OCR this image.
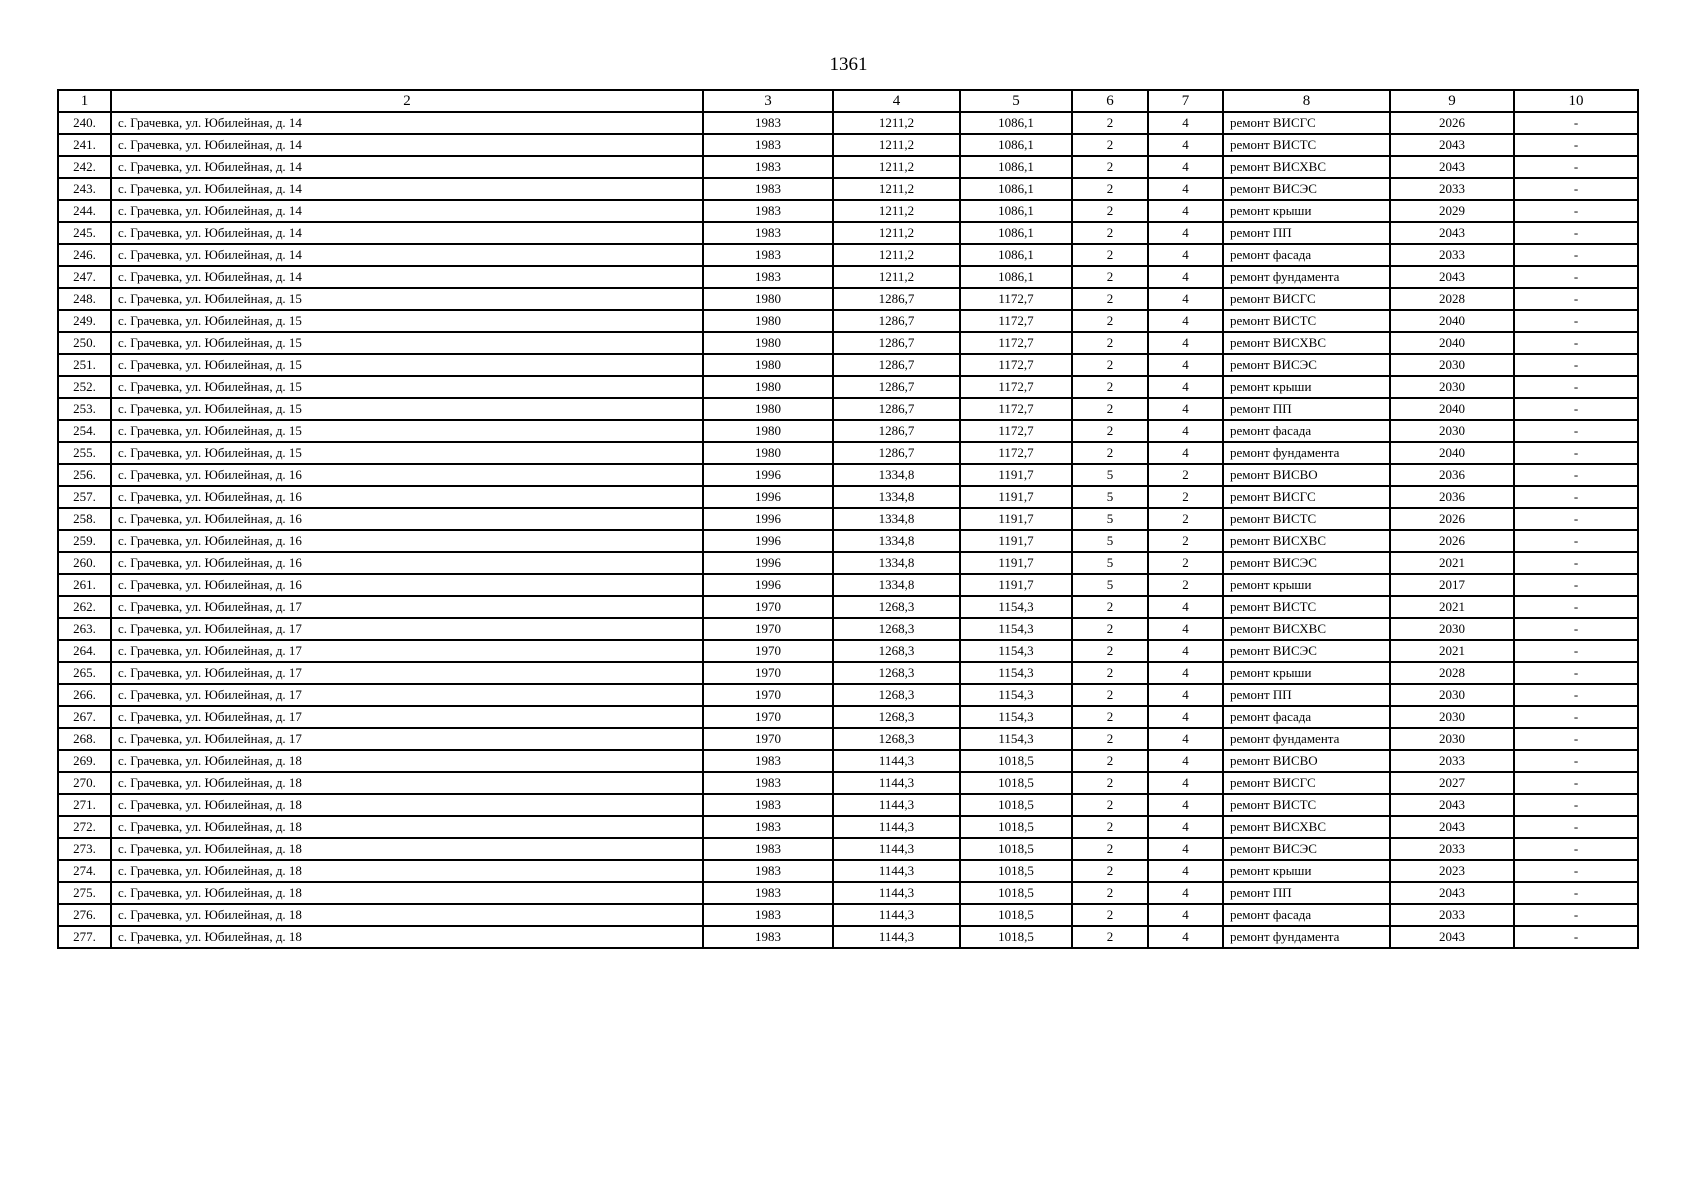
1361
1	2	3	4	5	6	7	8	9	10
240.	с. Грачевка, ул. Юбилейная, д. 14	1983	1211,2	1086,1	2	4	ремонт ВИСГС	2026	-
241.	с. Грачевка, ул. Юбилейная, д. 14	1983	1211,2	1086,1	2	4	ремонт ВИСТС	2043	-
242.	с. Грачевка, ул. Юбилейная, д. 14	1983	1211,2	1086,1	2	4	ремонт ВИСХВС	2043	-
243.	с. Грачевка, ул. Юбилейная, д. 14	1983	1211,2	1086,1	2	4	ремонт ВИСЭС	2033	-
244.	с. Грачевка, ул. Юбилейная, д. 14	1983	1211,2	1086,1	2	4	ремонт крыши	2029	-
245.	с. Грачевка, ул. Юбилейная, д. 14	1983	1211,2	1086,1	2	4	ремонт ПП	2043	-
246.	с. Грачевка, ул. Юбилейная, д. 14	1983	1211,2	1086,1	2	4	ремонт фасада	2033	-
247.	с. Грачевка, ул. Юбилейная, д. 14	1983	1211,2	1086,1	2	4	ремонт фундамента	2043	-
248.	с. Грачевка, ул. Юбилейная, д. 15	1980	1286,7	1172,7	2	4	ремонт ВИСГС	2028	-
249.	с. Грачевка, ул. Юбилейная, д. 15	1980	1286,7	1172,7	2	4	ремонт ВИСТС	2040	-
250.	с. Грачевка, ул. Юбилейная, д. 15	1980	1286,7	1172,7	2	4	ремонт ВИСХВС	2040	-
251.	с. Грачевка, ул. Юбилейная, д. 15	1980	1286,7	1172,7	2	4	ремонт ВИСЭС	2030	-
252.	с. Грачевка, ул. Юбилейная, д. 15	1980	1286,7	1172,7	2	4	ремонт крыши	2030	-
253.	с. Грачевка, ул. Юбилейная, д. 15	1980	1286,7	1172,7	2	4	ремонт ПП	2040	-
254.	с. Грачевка, ул. Юбилейная, д. 15	1980	1286,7	1172,7	2	4	ремонт фасада	2030	-
255.	с. Грачевка, ул. Юбилейная, д. 15	1980	1286,7	1172,7	2	4	ремонт фундамента	2040	-
256.	с. Грачевка, ул. Юбилейная, д. 16	1996	1334,8	1191,7	5	2	ремонт ВИСВО	2036	-
257.	с. Грачевка, ул. Юбилейная, д. 16	1996	1334,8	1191,7	5	2	ремонт ВИСГС	2036	-
258.	с. Грачевка, ул. Юбилейная, д. 16	1996	1334,8	1191,7	5	2	ремонт ВИСТС	2026	-
259.	с. Грачевка, ул. Юбилейная, д. 16	1996	1334,8	1191,7	5	2	ремонт ВИСХВС	2026	-
260.	с. Грачевка, ул. Юбилейная, д. 16	1996	1334,8	1191,7	5	2	ремонт ВИСЭС	2021	-
261.	с. Грачевка, ул. Юбилейная, д. 16	1996	1334,8	1191,7	5	2	ремонт крыши	2017	-
262.	с. Грачевка, ул. Юбилейная, д. 17	1970	1268,3	1154,3	2	4	ремонт ВИСТС	2021	-
263.	с. Грачевка, ул. Юбилейная, д. 17	1970	1268,3	1154,3	2	4	ремонт ВИСХВС	2030	-
264.	с. Грачевка, ул. Юбилейная, д. 17	1970	1268,3	1154,3	2	4	ремонт ВИСЭС	2021	-
265.	с. Грачевка, ул. Юбилейная, д. 17	1970	1268,3	1154,3	2	4	ремонт крыши	2028	-
266.	с. Грачевка, ул. Юбилейная, д. 17	1970	1268,3	1154,3	2	4	ремонт ПП	2030	-
267.	с. Грачевка, ул. Юбилейная, д. 17	1970	1268,3	1154,3	2	4	ремонт фасада	2030	-
268.	с. Грачевка, ул. Юбилейная, д. 17	1970	1268,3	1154,3	2	4	ремонт фундамента	2030	-
269.	с. Грачевка, ул. Юбилейная, д. 18	1983	1144,3	1018,5	2	4	ремонт ВИСВО	2033	-
270.	с. Грачевка, ул. Юбилейная, д. 18	1983	1144,3	1018,5	2	4	ремонт ВИСГС	2027	-
271.	с. Грачевка, ул. Юбилейная, д. 18	1983	1144,3	1018,5	2	4	ремонт ВИСТС	2043	-
272.	с. Грачевка, ул. Юбилейная, д. 18	1983	1144,3	1018,5	2	4	ремонт ВИСХВС	2043	-
273.	с. Грачевка, ул. Юбилейная, д. 18	1983	1144,3	1018,5	2	4	ремонт ВИСЭС	2033	-
274.	с. Грачевка, ул. Юбилейная, д. 18	1983	1144,3	1018,5	2	4	ремонт крыши	2023	-
275.	с. Грачевка, ул. Юбилейная, д. 18	1983	1144,3	1018,5	2	4	ремонт ПП	2043	-
276.	с. Грачевка, ул. Юбилейная, д. 18	1983	1144,3	1018,5	2	4	ремонт фасада	2033	-
277.	с. Грачевка, ул. Юбилейная, д. 18	1983	1144,3	1018,5	2	4	ремонт фундамента	2043	-
